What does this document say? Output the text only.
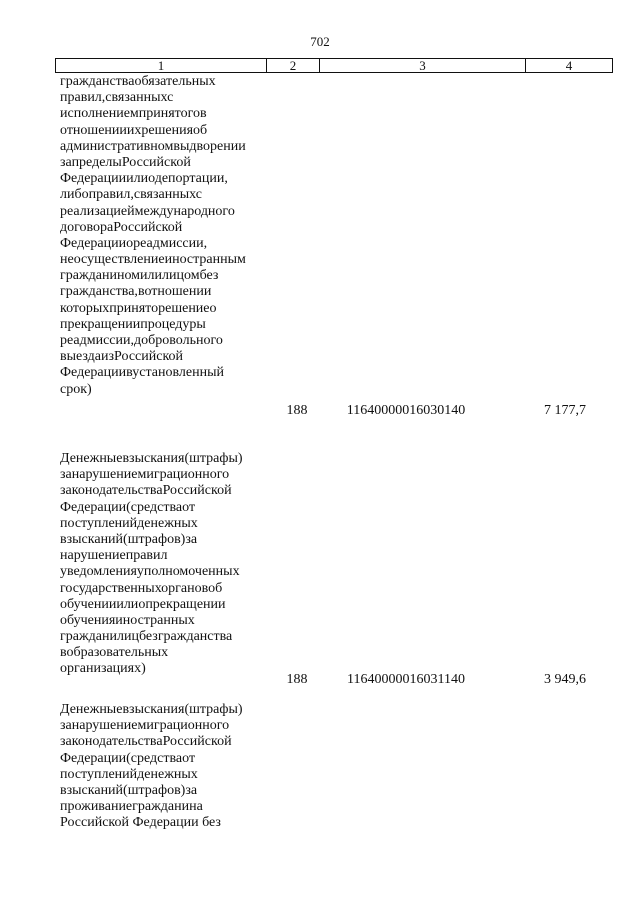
702
1	2	3	4
гражданстваобязательных
правил,связанныхс
исполнениемпринятогов
отношенииихрешенияоб
административномвыдворении
запределыРоссийской
Федерацииилиодепортации,
либоправил,связанныхс
реализациеймеждународного
договораРоссийской
Федерацииореадмиссии,
неосуществлениеиностранным
гражданиномилилицомбез
гражданства,вотношении
которыхприняторешениео
прекращениипроцедуры
реадмиссии,добровольного
выездаизРоссийской
Федерациивустановленный
срок)
188	11640000016030140	7 177,7
Денежныевзыскания(штрафы)
занарушениемиграционного
законодательстваРоссийской
Федерации(средстваот
поступленийденежных
взысканий(штрафов)за
нарушениеправил
уведомленияуполномоченных
государственныхоргановоб
обученииилиопрекращении
обученияиностранных
гражданилицбезгражданства
вобразовательных
организациях)
188	11640000016031140	3 949,6
Денежныевзыскания(штрафы)
занарушениемиграционного
законодательстваРоссийской
Федерации(средстваот
поступленийденежных
взысканий(штрафов)за
проживаниегражданина
Российской Федерации без
